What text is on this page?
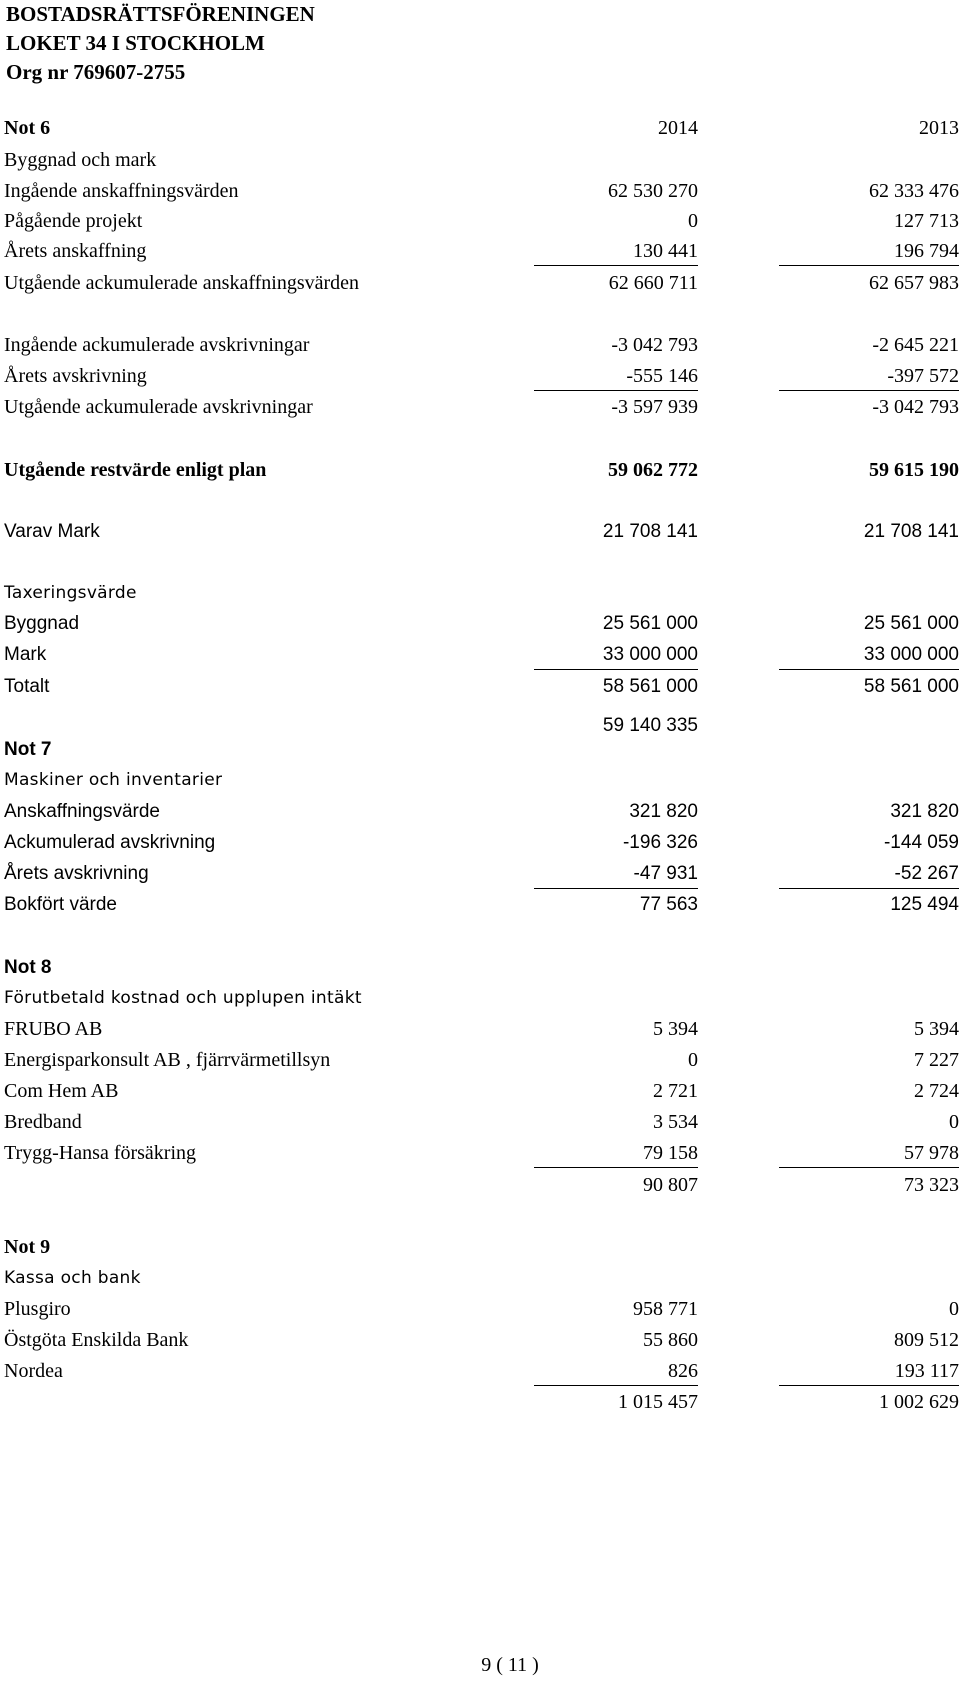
BOSTADSRÄTTSFÖRENINGEN
LOKET 34 I STOCKHOLM
Org nr 769607-2755
Not 6	2014	2013
Byggnad och mark
Ingående anskaffningsvärden	62 530 270	62 333 476
Pågående projekt	0	127 713
Årets anskaffning	130 441	196 794
Utgående ackumulerade anskaffningsvärden	62 660 711	62 657 983
Ingående ackumulerade avskrivningar	-3 042 793	-2 645 221
Årets avskrivning	-555 146	-397 572
Utgående ackumulerade avskrivningar	-3 597 939	-3 042 793
Utgående restvärde enligt plan	59 062 772	59 615 190
Varav Mark	21 708 141	21 708 141
Taxeringsvärde
Byggnad	25 561 000	25 561 000
Mark	33 000 000	33 000 000
Totalt	58 561 000	58 561 000
59 140 335
Not 7
Maskiner och inventarier
Anskaffningsvärde	321 820	321 820
Ackumulerad avskrivning	-196 326	-144 059
Årets avskrivning	-47 931	-52 267
Bokfört värde	77 563	125 494
Not 8
Förutbetald kostnad och upplupen intäkt
FRUBO AB	5 394	5 394
Energisparkonsult AB , fjärrvärmetillsyn	0	7 227
Com Hem AB	2 721	2 724
Bredband	3 534	0
Trygg-Hansa försäkring	79 158	57 978
90 807	73 323
Not 9
Kassa och bank
Plusgiro	958 771	0
Östgöta Enskilda Bank	55 860	809 512
Nordea	826	193 117
1 015 457	1 002 629
9 ( 11 )
